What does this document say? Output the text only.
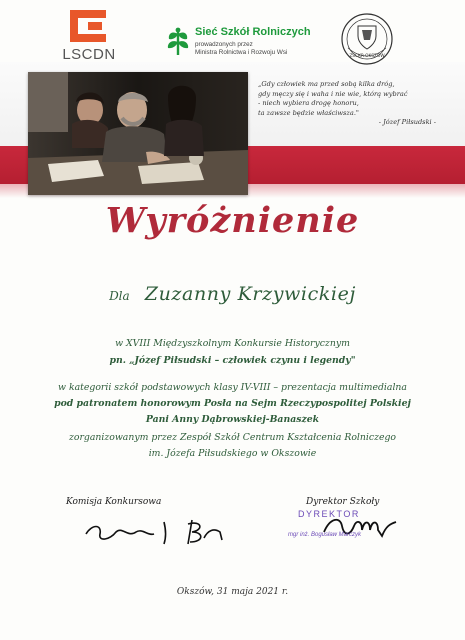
LSCDN
Sieć Szkół Rolniczych
prowadzonych przez
Ministra Rolnictwa i Rozwoju Wsi
ZSCKR OKSZÓW
„Gdy człowiek ma przed sobą kilka dróg,
gdy męczy się i waha i nie wie, którą wybrać
- niech wybiera drogę honoru,
ta zawsze będzie właściwsza."
- Józef Piłsudski -
Wyróżnienie
Dla Zuzanny Krzywickiej
w XVIII Międzyszkolnym Konkursie Historycznym
pn. „Józef Piłsudski – człowiek czynu i legendy"
w kategorii szkół podstawowych klasy IV-VIII – prezentacja multimedialna
pod patronatem honorowym Posła na Sejm Rzeczypospolitej Polskiej
Pani Anny Dąbrowskiej-Banaszek
zorganizowanym przez Zespół Szkół Centrum Kształcenia Rolniczego
im. Józefa Piłsudskiego w Okszowie
Komisja Konkursowa	Dyrektor Szkoły
DYREKTOR
mgr inż. Bogusław Marczyk
Okszów, 31 maja 2021 r.
